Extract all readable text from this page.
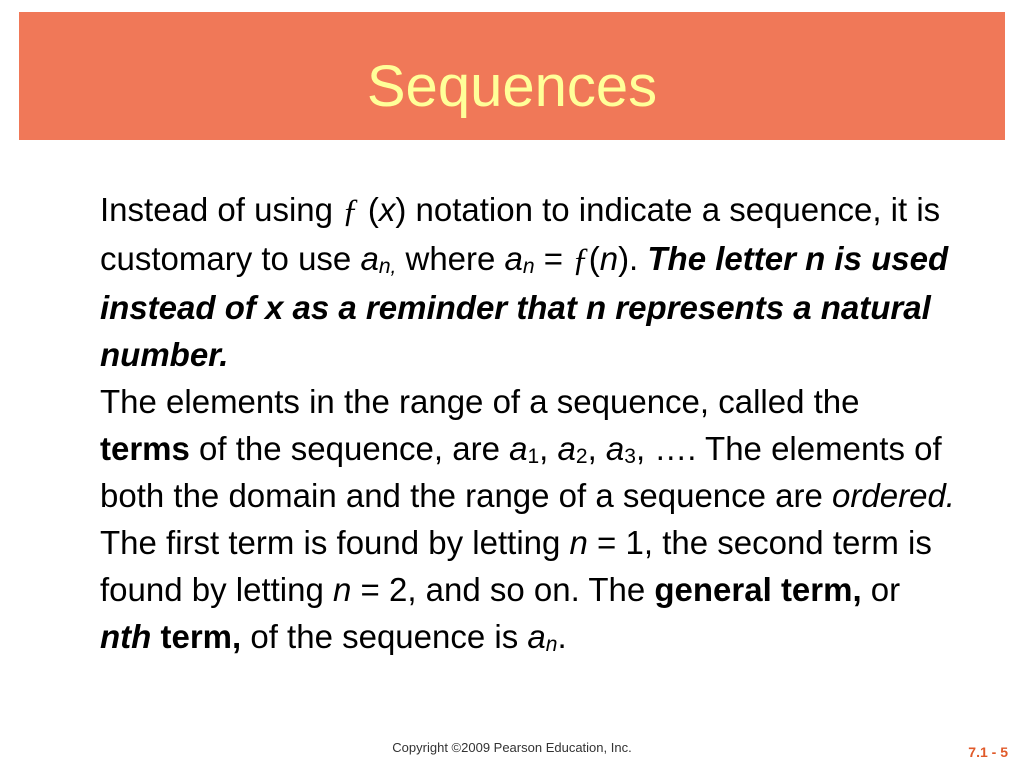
Sequences

Instead of using ƒ (x) notation to indicate a sequence, it is customary to use $a_{n,}$ where $a_n$ = ƒ(n). The letter n is used instead of x as a reminder that n represents a natural number.

The elements in the range of a sequence, called the

terms of the sequence, are $a_1$, $a_2$, $a_3$, …. The elements of both the domain and the range of a sequence are ordered. The first term is found by letting n = 1, the second term is found by letting n = 2, and so on. The general term, or nth term, of the sequence is $a_n$.

Copyright ©2009 Pearson Education, Inc.	7.1 - 5
